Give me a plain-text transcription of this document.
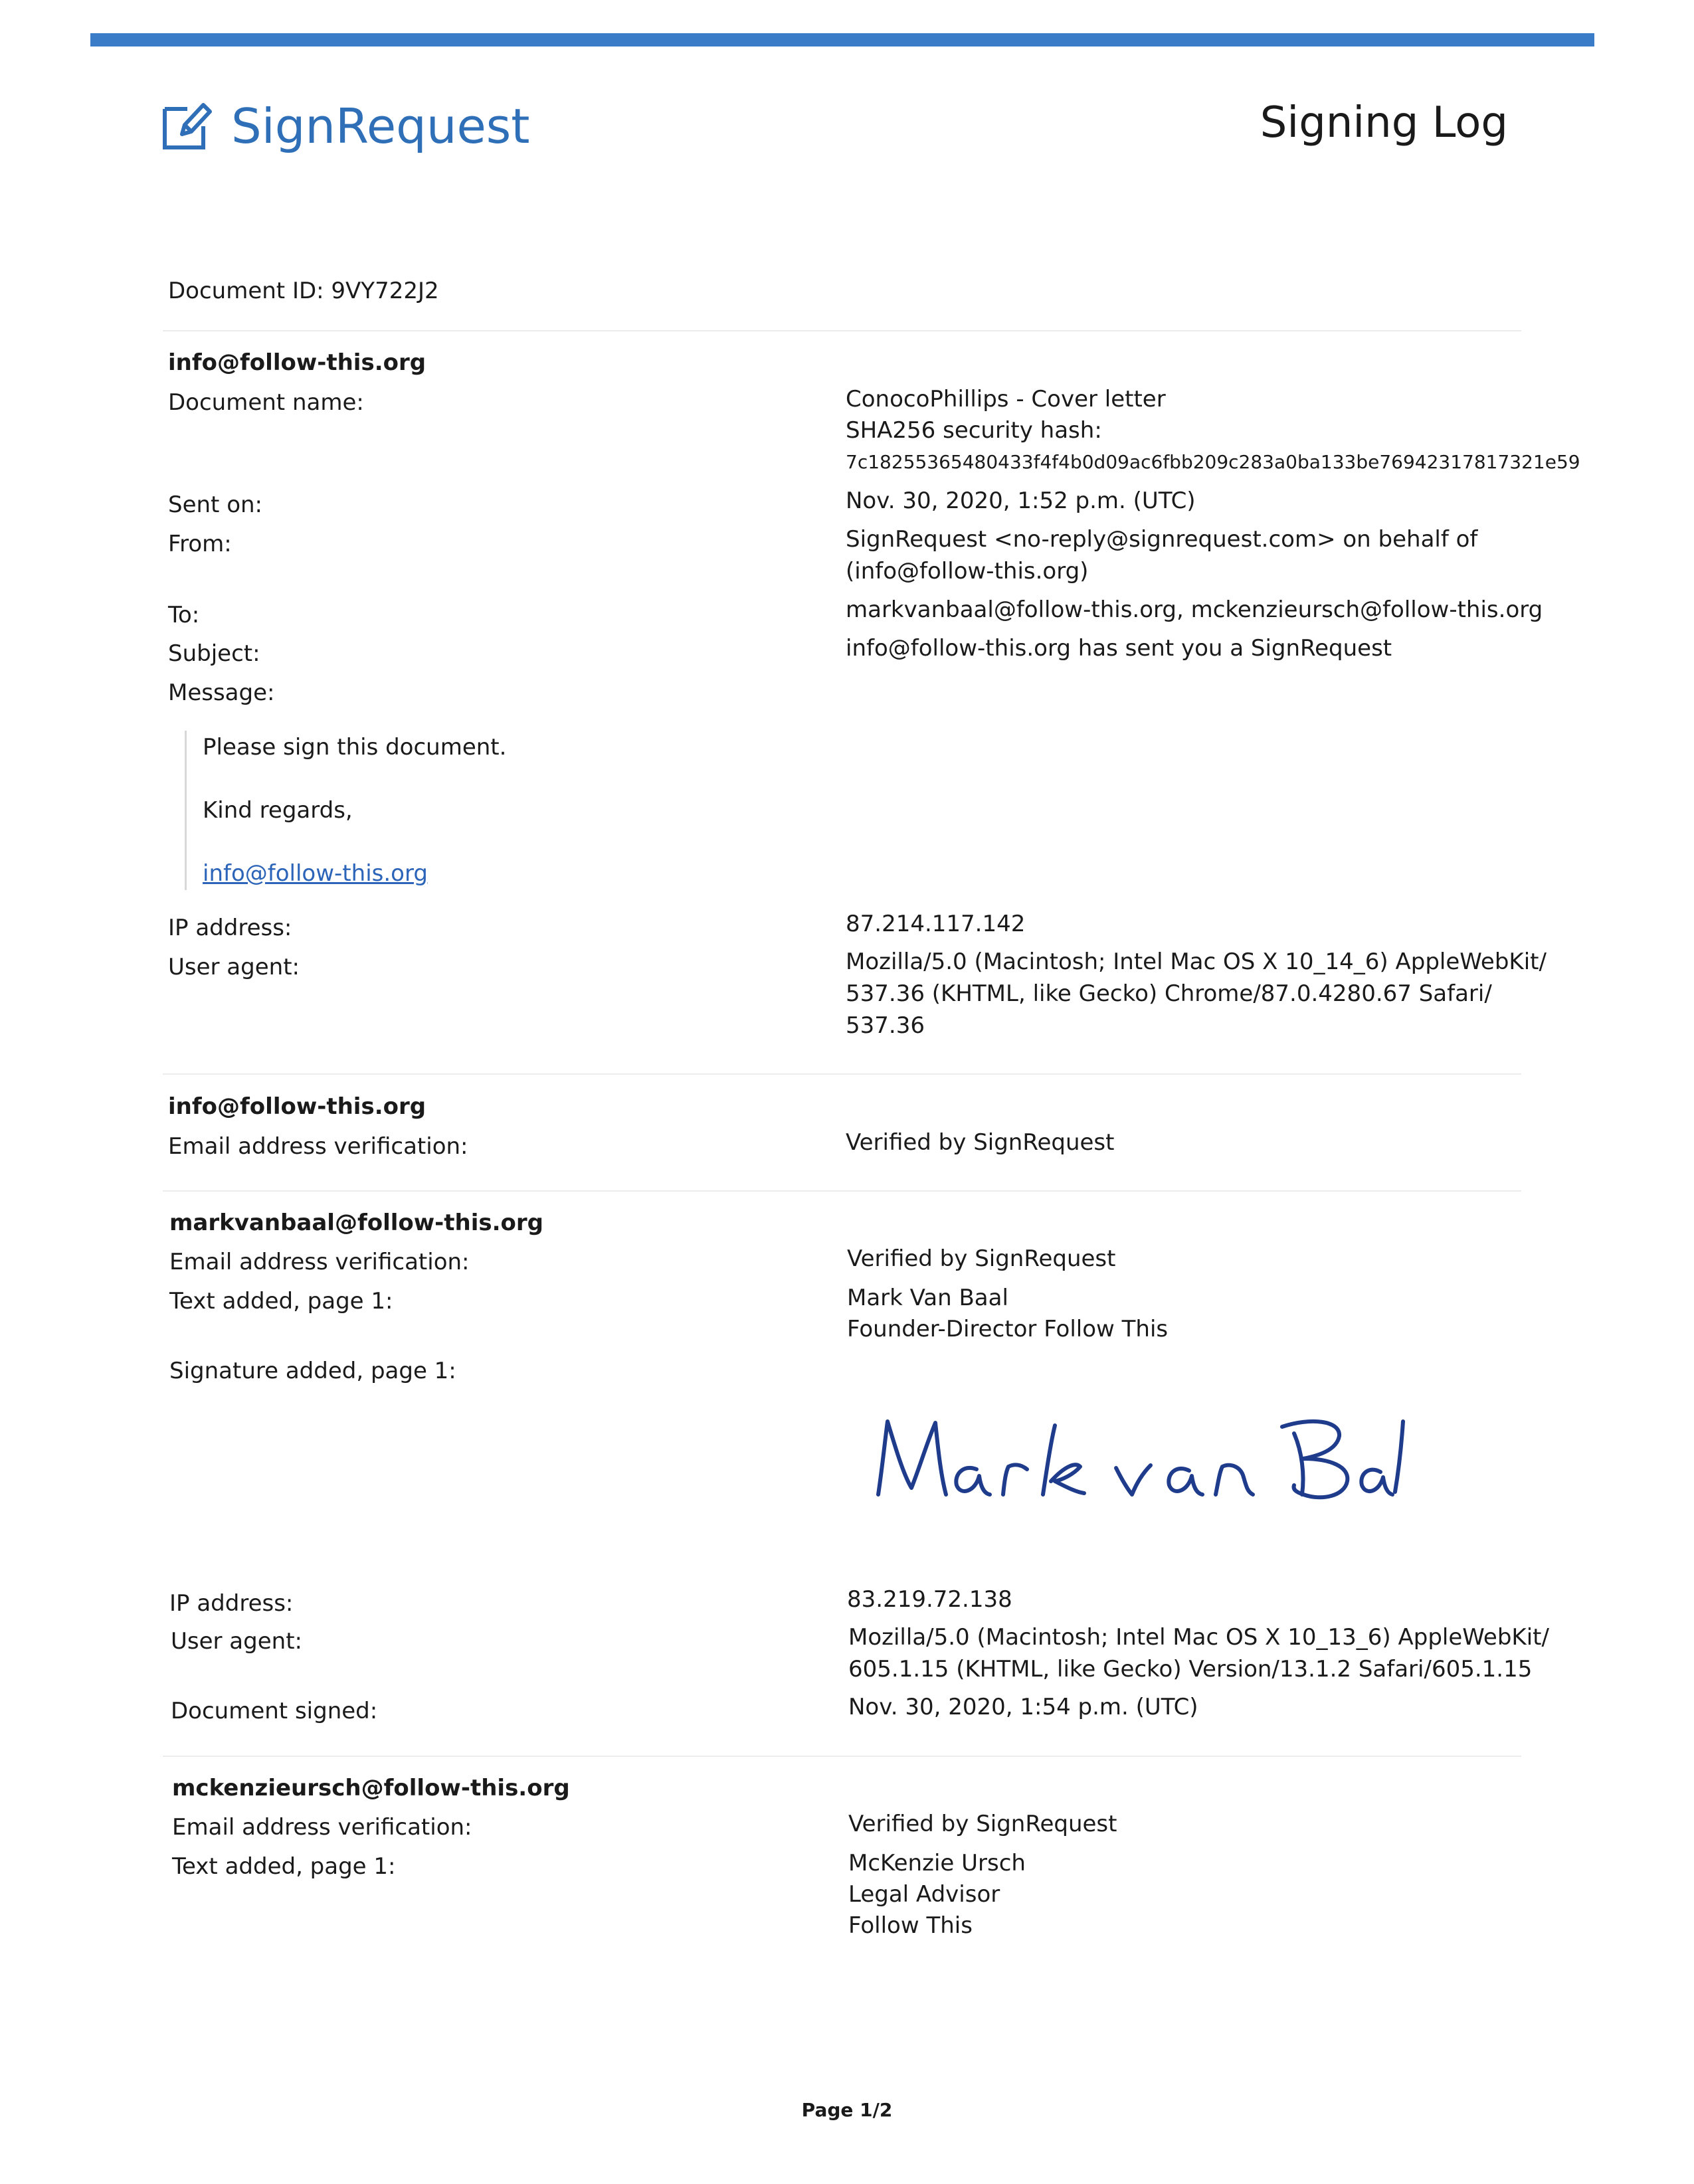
SignRequest	Signing Log
Document ID: 9VY722J2
info@follow-this.org
Document name:	ConocoPhillips - Cover letter
SHA256 security hash:
7c18255365480433f4f4b0d09ac6fbb209c283a0ba133be76942317817321e59
Sent on:	Nov. 30, 2020, 1:52 p.m. (UTC)
From:	SignRequest <no-reply@signrequest.com> on behalf of
(info@follow-this.org)
To:	markvanbaal@follow-this.org, mckenzieursch@follow-this.org
Subject:	info@follow-this.org has sent you a SignRequest
Message:
Please sign this document.
Kind regards,
info@follow-this.org
IP address:	87.214.117.142
User agent:	Mozilla/5.0 (Macintosh; Intel Mac OS X 10_14_6) AppleWebKit/
537.36 (KHTML, like Gecko) Chrome/87.0.4280.67 Safari/
537.36
info@follow-this.org
Email address verification:	Verified by SignRequest
markvanbaal@follow-this.org
Email address verification:	Verified by SignRequest
Text added, page 1:	Mark Van Baal
Founder-Director Follow This
Signature added, page 1:
IP address:	83.219.72.138
User agent:	Mozilla/5.0 (Macintosh; Intel Mac OS X 10_13_6) AppleWebKit/
605.1.15 (KHTML, like Gecko) Version/13.1.2 Safari/605.1.15
Document signed:	Nov. 30, 2020, 1:54 p.m. (UTC)
mckenzieursch@follow-this.org
Email address verification:	Verified by SignRequest
Text added, page 1:	McKenzie Ursch
Legal Advisor
Follow This
Page 1/2
